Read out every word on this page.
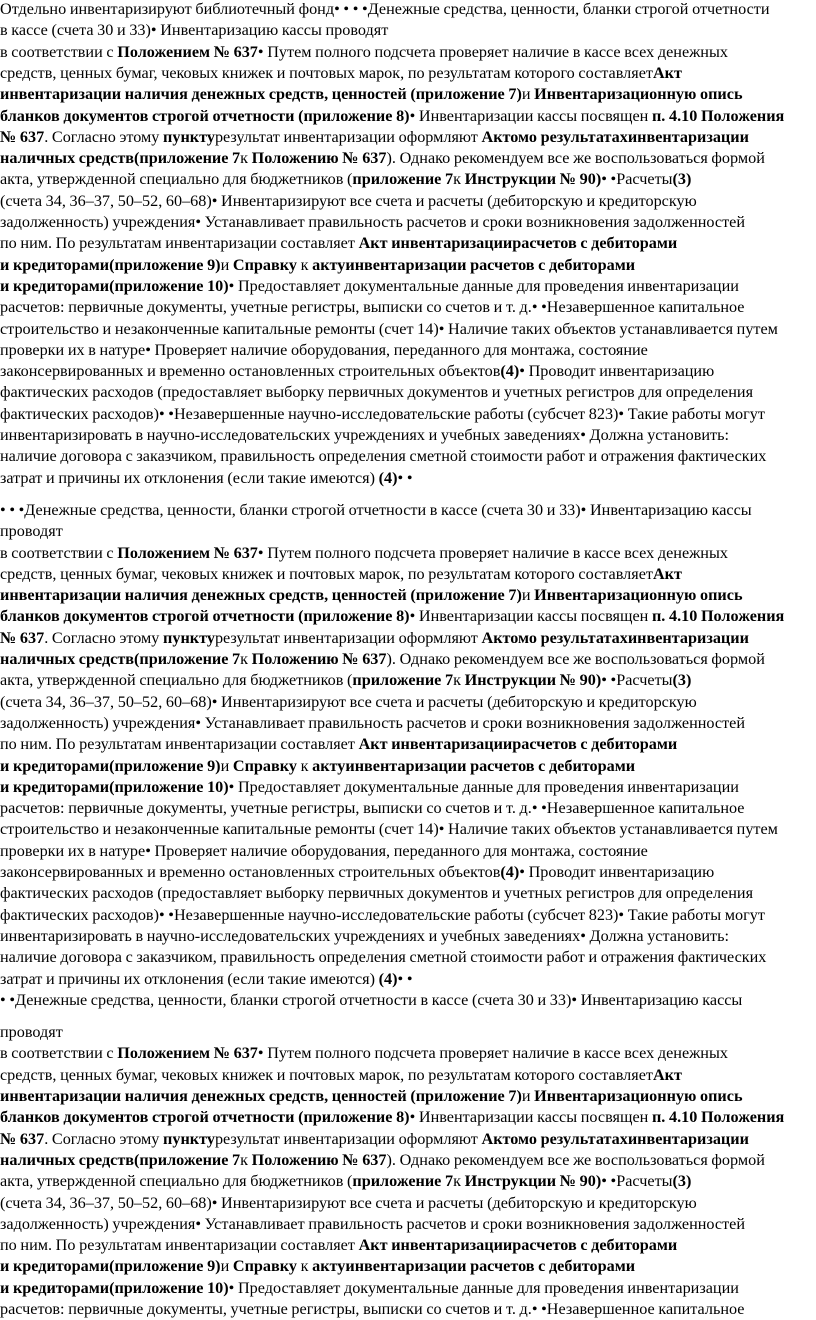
Отдельно инвентаризируют библиотечный фонд• • • •Денежные средства, ценности, бланки строгой отчетности
в кассе (счета 30 и 33)• Инвентаризацию кассы проводят
в соответствии с Положением № 637• Путем полного подсчета проверяет наличие в кассе всех денежных
средств, ценных бумаг, чековых книжек и почтовых марок, по результатам которого составляетАкт
инвентаризации наличия денежных средств, ценностей (приложение 7)и Инвентаризационную опись
бланков документов строгой отчетности (приложение 8)• Инвентаризации кассы посвящен п. 4.10 Положения
№ 637. Согласно этому пунктурезультат инвентаризации оформляют Актомо результатахинвентаризации
наличных средств(приложение 7к Положению № 637). Однако рекомендуем все же воспользоваться формой
акта, утвержденной специально для бюджетников (приложение 7к Инструкции № 90)• •Расчеты(3)
(счета 34, 36–37, 50–52, 60–68)• Инвентаризируют все счета и расчеты (дебиторскую и кредиторскую
задолженность) учреждения• Устанавливает правильность расчетов и сроки возникновения задолженностей
по ним. По результатам инвентаризации составляет Акт инвентаризациирасчетов с дебиторами
и кредиторами(приложение 9)и Справку к актуинвентаризации расчетов с дебиторами
и кредиторами(приложение 10)• Предоставляет документальные данные для проведения инвентаризации
расчетов: первичные документы, учетные регистры, выписки со счетов и т. д.• •Незавершенное капитальное
строительство и незаконченные капитальные ремонты (счет 14)• Наличие таких объектов устанавливается путем
проверки их в натуре• Проверяет наличие оборудования, переданного для монтажа, состояние
законсервированных и временно остановленных строительных объектов(4)• Проводит инвентаризацию
фактических расходов (предоставляет выборку первичных документов и учетных регистров для определения
фактических расходов)• •Незавершенные научно-исследовательские работы (субсчет 823)• Такие работы могут
инвентаризировать в научно-исследовательских учреждениях и учебных заведениях• Должна установить:
наличие договора с заказчиком, правильность определения сметной стоимости работ и отражения фактических
затрат и причины их отклонения (если такие имеются) (4)• •
• • •Денежные средства, ценности, бланки строгой отчетности в кассе (счета 30 и 33)• Инвентаризацию кассы
проводят
в соответствии с Положением № 637• Путем полного подсчета проверяет наличие в кассе всех денежных
средств, ценных бумаг, чековых книжек и почтовых марок, по результатам которого составляетАкт
инвентаризации наличия денежных средств, ценностей (приложение 7)и Инвентаризационную опись
бланков документов строгой отчетности (приложение 8)• Инвентаризации кассы посвящен п. 4.10 Положения
№ 637. Согласно этому пунктурезультат инвентаризации оформляют Актомо результатахинвентаризации
наличных средств(приложение 7к Положению № 637). Однако рекомендуем все же воспользоваться формой
акта, утвержденной специально для бюджетников (приложение 7к Инструкции № 90)• •Расчеты(3)
(счета 34, 36–37, 50–52, 60–68)• Инвентаризируют все счета и расчеты (дебиторскую и кредиторскую
задолженность) учреждения• Устанавливает правильность расчетов и сроки возникновения задолженностей
по ним. По результатам инвентаризации составляет Акт инвентаризациирасчетов с дебиторами
и кредиторами(приложение 9)и Справку к актуинвентаризации расчетов с дебиторами
и кредиторами(приложение 10)• Предоставляет документальные данные для проведения инвентаризации
расчетов: первичные документы, учетные регистры, выписки со счетов и т. д.• •Незавершенное капитальное
строительство и незаконченные капитальные ремонты (счет 14)• Наличие таких объектов устанавливается путем
проверки их в натуре• Проверяет наличие оборудования, переданного для монтажа, состояние
законсервированных и временно остановленных строительных объектов(4)• Проводит инвентаризацию
фактических расходов (предоставляет выборку первичных документов и учетных регистров для определения
фактических расходов)• •Незавершенные научно-исследовательские работы (субсчет 823)• Такие работы могут
инвентаризировать в научно-исследовательских учреждениях и учебных заведениях• Должна установить:
наличие договора с заказчиком, правильность определения сметной стоимости работ и отражения фактических
затрат и причины их отклонения (если такие имеются) (4)• •
• •Денежные средства, ценности, бланки строгой отчетности в кассе (счета 30 и 33)• Инвентаризацию кассы
проводят
в соответствии с Положением № 637• Путем полного подсчета проверяет наличие в кассе всех денежных
средств, ценных бумаг, чековых книжек и почтовых марок, по результатам которого составляетАкт
инвентаризации наличия денежных средств, ценностей (приложение 7)и Инвентаризационную опись
бланков документов строгой отчетности (приложение 8)• Инвентаризации кассы посвящен п. 4.10 Положения
№ 637. Согласно этому пунктурезультат инвентаризации оформляют Актомо результатахинвентаризации
наличных средств(приложение 7к Положению № 637). Однако рекомендуем все же воспользоваться формой
акта, утвержденной специально для бюджетников (приложение 7к Инструкции № 90)• •Расчеты(3)
(счета 34, 36–37, 50–52, 60–68)• Инвентаризируют все счета и расчеты (дебиторскую и кредиторскую
задолженность) учреждения• Устанавливает правильность расчетов и сроки возникновения задолженностей
по ним. По результатам инвентаризации составляет Акт инвентаризациирасчетов с дебиторами
и кредиторами(приложение 9)и Справку к актуинвентаризации расчетов с дебиторами
и кредиторами(приложение 10)• Предоставляет документальные данные для проведения инвентаризации
расчетов: первичные документы, учетные регистры, выписки со счетов и т. д.• •Незавершенное капитальное
